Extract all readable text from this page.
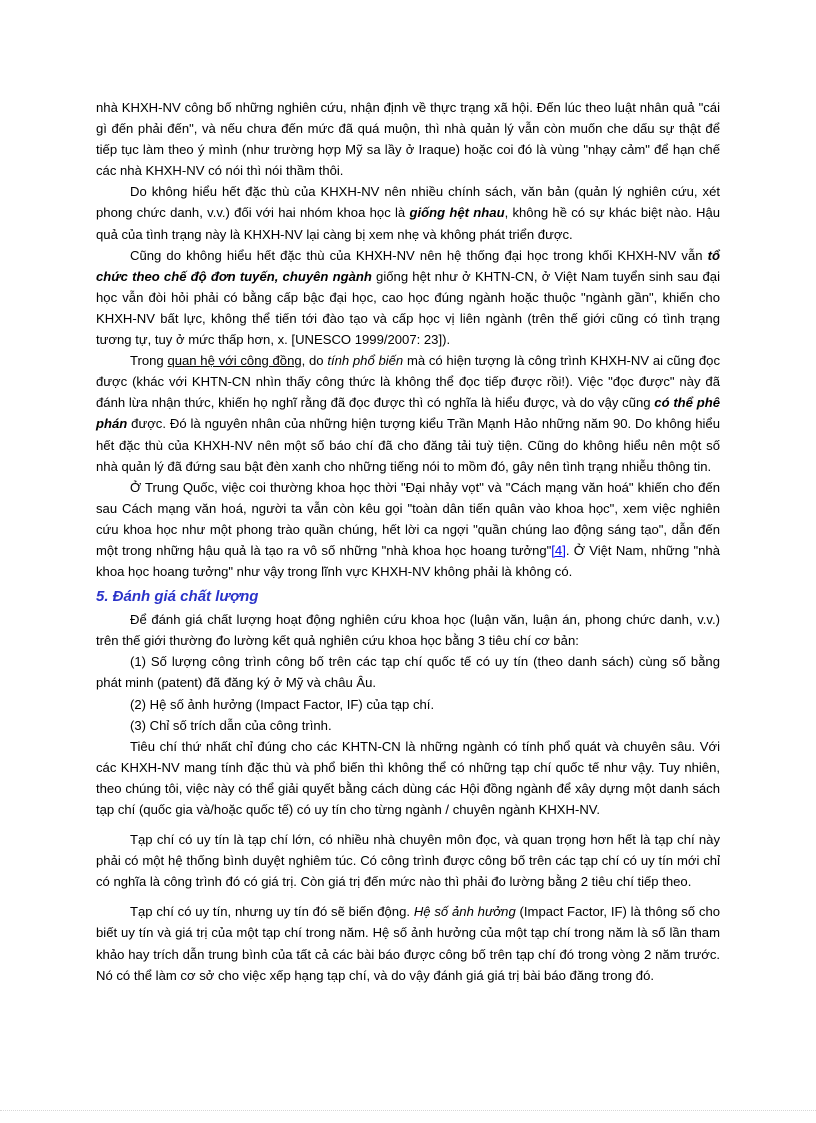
nhà KHXH-NV công bố những nghiên cứu, nhận định về thực trạng xã hội. Đến lúc theo luật nhân quả "cái gì đến phải đến", và nếu chưa đến mức đã quá muộn, thì nhà quản lý vẫn còn muốn che dấu sự thật để tiếp tục làm theo ý mình (như trường hợp Mỹ sa lầy ở Iraque) hoặc coi đó là vùng "nhạy cảm" để hạn chế các nhà KHXH-NV có nói thì nói thầm thôi.

Do không hiểu hết đặc thù của KHXH-NV nên nhiều chính sách, văn bản (quản lý nghiên cứu, xét phong chức danh, v.v.) đối với hai nhóm khoa học là giống hệt nhau, không hề có sự khác biệt nào. Hậu quả của tình trạng này là KHXH-NV lại càng bị xem nhẹ và không phát triển được.

Cũng do không hiểu hết đặc thù của KHXH-NV nên hệ thống đại học trong khối KHXH-NV vẫn tổ chức theo chế độ đơn tuyến, chuyên ngành giống hệt như ở KHTN-CN, ở Việt Nam tuyển sinh sau đại học vẫn đòi hỏi phải có bằng cấp bậc đại học, cao học đúng ngành hoặc thuộc "ngành gần", khiến cho KHXH-NV bất lực, không thể tiến tới đào tạo và cấp học vị liên ngành (trên thế giới cũng có tình trạng tương tự, tuy ở mức thấp hơn, x. [UNESCO 1999/2007: 23]).

Trong quan hệ với công đồng, do tính phổ biến mà có hiện tượng là công trình KHXH-NV ai cũng đọc được (khác với KHTN-CN nhìn thấy công thức là không thể đọc tiếp được rồi!). Việc "đọc được" này đã đánh lừa nhận thức, khiến họ nghĩ rằng đã đọc được thì có nghĩa là hiểu được, và do vậy cũng có thể phê phán được. Đó là nguyên nhân của những hiện tượng kiểu Trần Mạnh Hảo những năm 90. Do không hiểu hết đặc thù của KHXH-NV nên một số báo chí đã cho đăng tải tuỳ tiện. Cũng do không hiểu nên một số nhà quản lý đã đứng sau bật đèn xanh cho những tiếng nói to mồm đó, gây nên tình trạng nhiễu thông tin.

Ở Trung Quốc, việc coi thường khoa học thời "Đại nhảy vọt" và "Cách mạng văn hoá" khiến cho đến sau Cách mạng văn hoá, người ta vẫn còn kêu gọi "toàn dân tiến quân vào khoa học", xem việc nghiên cứu khoa học như một phong trào quần chúng, hết lời ca ngợi "quần chúng lao động sáng tạo", dẫn đến một trong những hậu quả là tạo ra vô số những "nhà khoa học hoang tưởng"[4]. Ở Việt Nam, những "nhà khoa học hoang tưởng" như vậy trong lĩnh vực KHXH-NV không phải là không có.

5. Đánh giá chất lượng

Để đánh giá chất lượng hoạt động nghiên cứu khoa học (luận văn, luận án, phong chức danh, v.v.) trên thế giới thường đo lường kết quả nghiên cứu khoa học bằng 3 tiêu chí cơ bản:

(1) Số lượng công trình công bố trên các tạp chí quốc tế có uy tín (theo danh sách) cùng số bằng phát minh (patent) đã đăng ký ở Mỹ và châu Âu.

(2) Hệ số ảnh hưởng (Impact Factor, IF) của tạp chí.

(3) Chỉ số trích dẫn của công trình.

Tiêu chí thứ nhất chỉ đúng cho các KHTN-CN là những ngành có tính phổ quát và chuyên sâu. Với các KHXH-NV mang tính đặc thù và phổ biến thì không thể có những tạp chí quốc tế như vậy. Tuy nhiên, theo chúng tôi, việc này có thể giải quyết bằng cách dùng các Hội đồng ngành để xây dựng một danh sách tạp chí (quốc gia và/hoặc quốc tế) có uy tín cho từng ngành / chuyên ngành KHXH-NV.

Tạp chí có uy tín là tạp chí lớn, có nhiều nhà chuyên môn đọc, và quan trọng hơn hết là tạp chí này phải có một hệ thống bình duyệt nghiêm túc. Có công trình được công bố trên các tạp chí có uy tín mới chỉ có nghĩa là công trình đó có giá trị. Còn giá trị đến mức nào thì phải đo lường bằng 2 tiêu chí tiếp theo.

Tạp chí có uy tín, nhưng uy tín đó sẽ biến động. Hệ số ảnh hưởng (Impact Factor, IF) là thông số cho biết uy tín và giá trị của một tạp chí trong năm. Hệ số ảnh hưởng của một tạp chí trong năm là số lần tham khảo hay trích dẫn trung bình của tất cả các bài báo được công bố trên tạp chí đó trong vòng 2 năm trước. Nó có thể làm cơ sở cho việc xếp hạng tạp chí, và do vậy đánh giá giá trị bài báo đăng trong đó.
